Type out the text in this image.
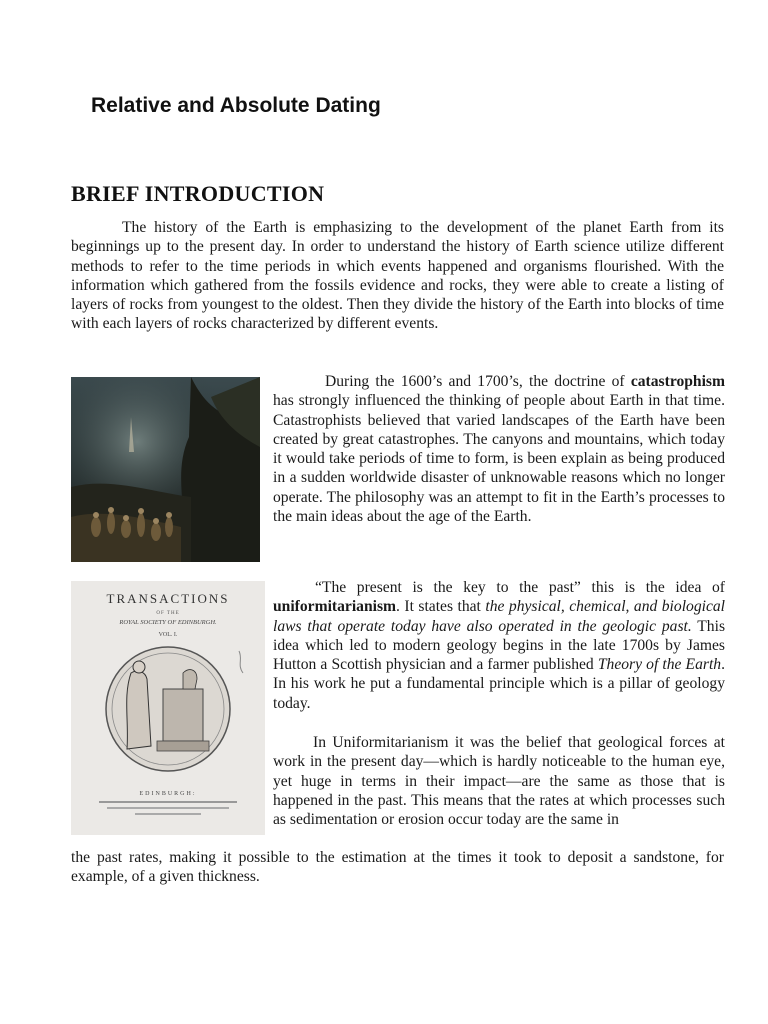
Relative and Absolute Dating
BRIEF INTRODUCTION

The history of the Earth is emphasizing to the development of the planet Earth from its beginnings up to the present day. In order to understand the history of Earth science utilize different methods to refer to the time periods in which events happened and organisms flourished. With the information which gathered from the fossils evidence and rocks, they were able to create a listing of layers of rocks from youngest to the oldest. Then they divide the history of the Earth into blocks of time with each layers of rocks characterized by different events.

During the 1600’s and 1700’s, the doctrine of catastrophism has strongly influenced the thinking of people about Earth in that time. Catastrophists believed that varied landscapes of the Earth have been created by great catastrophes. The canyons and mountains, which today it would take periods of time to form, is been explain as being produced in a sudden worldwide disaster of unknowable reasons which no longer operate. The philosophy was an attempt to fit in the Earth’s processes to the main ideas about the age of the Earth.

TRANSACTIONS
OF THE
ROYAL SOCIETY OF EDINBURGH.
VOL. I.
EDINBURGH:

“The present is the key to the past” this is the idea of uniformitarianism. It states that the physical, chemical, and biological laws that operate today have also operated in the geologic past. This idea which led to modern geology begins in the late 1700s by James Hutton a Scottish physician and a farmer published Theory of the Earth. In his work he put a fundamental principle which is a pillar of geology today.

In Uniformitarianism it was the belief that geological forces at work in the present day—which is hardly noticeable to the human eye, yet huge in terms in their impact—are the same as those that is happened in the past. This means that the rates at which processes such as sedimentation or erosion occur today are the same in

the past rates, making it possible to the estimation at the times it took to deposit a sandstone, for example, of a given thickness.
